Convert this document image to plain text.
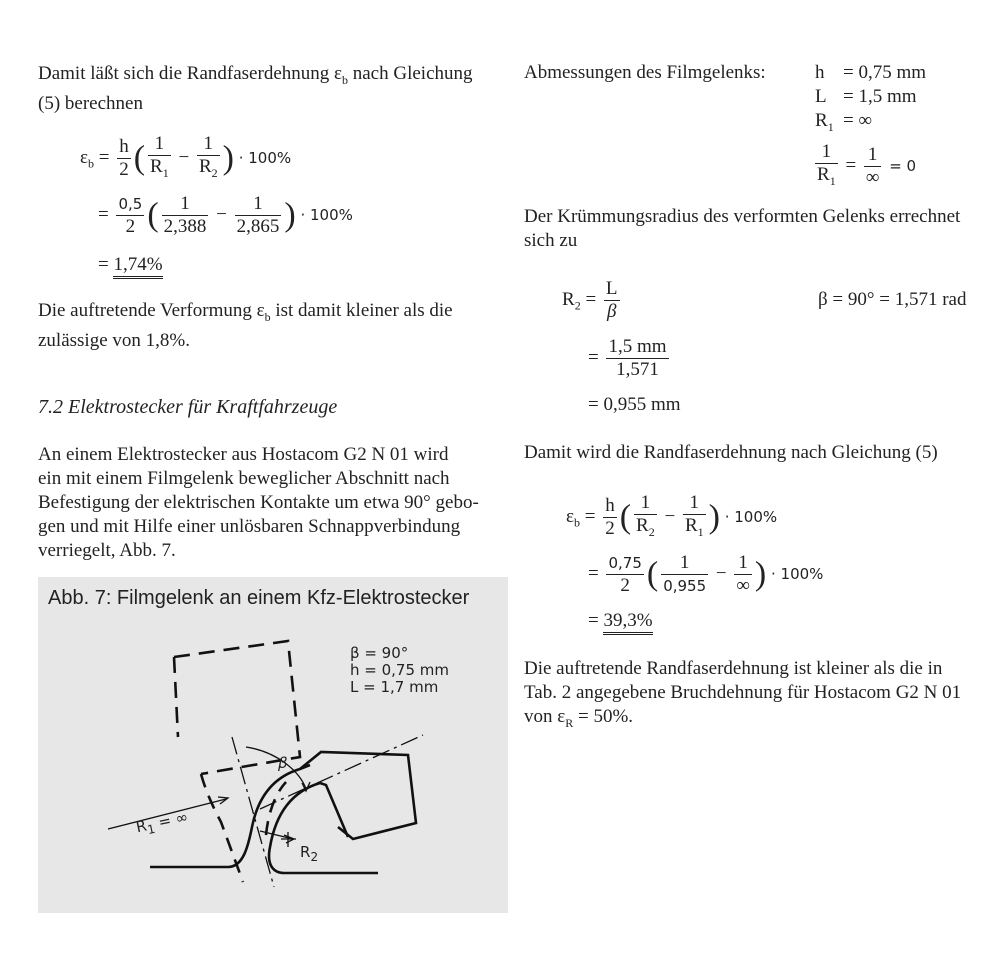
Damit läßt sich die Randfaserdehnung $\varepsilon_b$ nach Gleichung
(5) berechnen
$\varepsilon_b = \frac{h}{2}$ ( $\frac{1}{R_1} - \frac{1}{R_2}$ ) · 100%
= $\frac{0,5}{2}$ ( $\frac{1}{2,388} - \frac{1}{2,865}$ ) · 100%
= 1,74%
Die auftretende Verformung $\varepsilon_b$ ist damit kleiner als die
zulässige von 1,8%.
7.2 Elektrostecker für Kraftfahrzeuge
An einem Elektrostecker aus Hostacom G2 N 01 wird
ein mit einem Filmgelenk beweglicher Abschnitt nach
Befestigung der elektrischen Kontakte um etwa 90° gebo-
gen und mit Hilfe einer unlösbaren Schnappverbindung
verriegelt, Abb. 7.
Abb. 7: Filmgelenk an einem Kfz-Elektrostecker
β = 90°
h = 0,75 mm
L = 1,7 mm
β
$R_1$ = ∞
$R_2$
Abmessungen des Filmgelenks:	h = 0,75 mm
L = 1,5 mm
$R_1$ = ∞
$\frac{1}{R_1} = \frac{1}{\infty} = 0$
Der Krümmungsradius des verformten Gelenks errechnet
sich zu
$R_2 = \frac{L}{\beta}$	β = 90° = 1,571 rad
= $\frac{1,5 mm}{1,571}$
= 0,955 mm
Damit wird die Randfaserdehnung nach Gleichung (5)
$\varepsilon_b = \frac{h}{2}$ ( $\frac{1}{R_2} - \frac{1}{R_1}$ ) · 100%
= $\frac{0,75}{2}$ ( $\frac{1}{0,955} - \frac{1}{\infty}$ ) · 100%
= 39,3%
Die auftretende Randfaserdehnung ist kleiner als die in
Tab. 2 angegebene Bruchdehnung für Hostacom G2 N 01
von $\varepsilon_R = 50\%$.
